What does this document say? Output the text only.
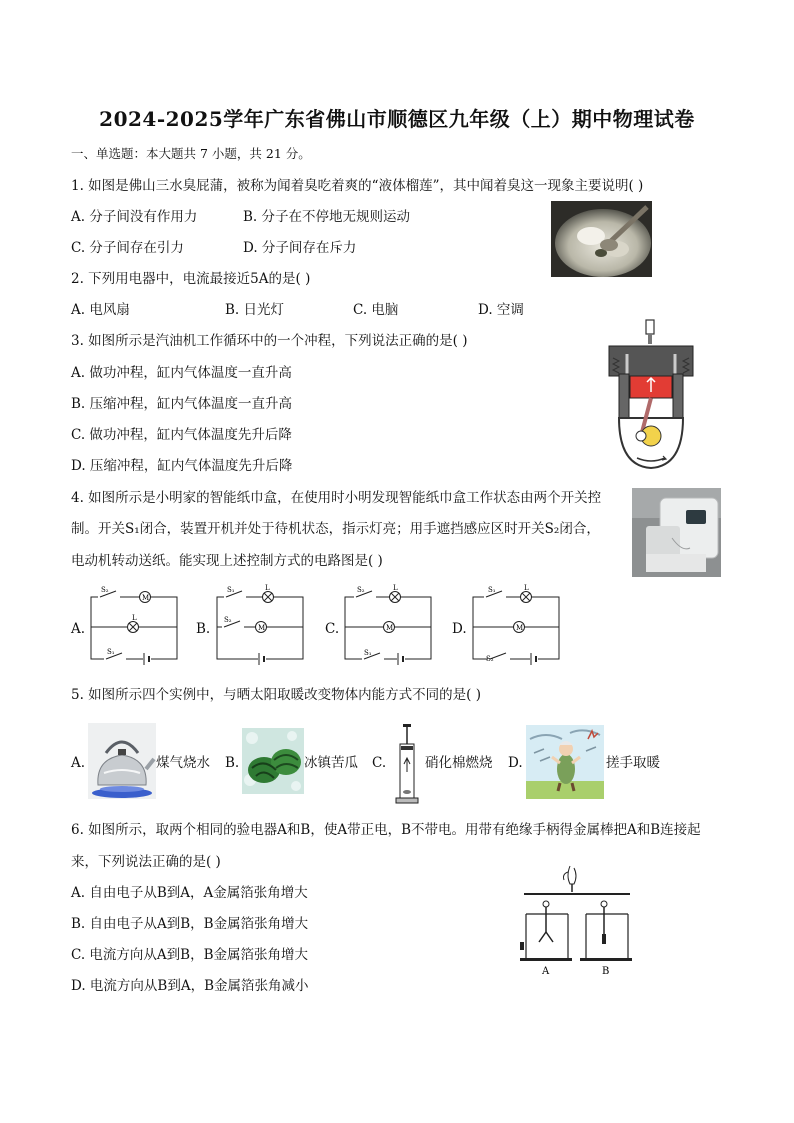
2024-2025学年广东省佛山市顺德区九年级（上）期中物理试卷
一、单选题：本大题共 7 小题，共 21 分。
1. 如图是佛山三水臭屁蒲，被称为闻着臭吃着爽的“液体榴莲”，其中闻着臭这一现象主要说明( )
A. 分子间没有作用力	B. 分子在不停地无规则运动
C. 分子间存在引力	D. 分子间存在斥力
2. 下列用电器中，电流最接近5A的是( )
A. 电风扇	B. 日光灯	C. 电脑	D. 空调
3. 如图所示是汽油机工作循环中的一个冲程，下列说法正确的是( )
A. 做功冲程，缸内气体温度一直升高
B. 压缩冲程，缸内气体温度一直升高
C. 做功冲程，缸内气体温度先升后降
D. 压缩冲程，缸内气体温度先升后降
4. 如图所示是小明家的智能纸巾盒，在使用时小明发现智能纸巾盒工作状态由两个开关控
制。开关S₁闭合，装置开机并处于待机状态，指示灯亮；用手遮挡感应区时开关S₂闭合，
电动机转动送纸。能实现上述控制方式的电路图是( )
A.
S₂
M
L
S₁
B.
S₁	L
S₂
M	C.
S₂	L
M
S₁
D.
S₁	L
M
S₂
5. 如图所示四个实例中，与晒太阳取暖改变物体内能方式不同的是( )
A.	煤气烧水 B.	冰镇苦瓜 C.	硝化棉燃烧 D.	搓手取暖
6. 如图所示，取两个相同的验电器A和B，使A带正电，B不带电。用带有绝缘手柄得金属棒把A和B连接起
来，下列说法正确的是( )
A. 自由电子从B到A，A金属箔张角增大
B. 自由电子从A到B，B金属箔张角增大
C. 电流方向从A到B，B金属箔张角增大
D. 电流方向从B到A，B金属箔张角减小
A	B
